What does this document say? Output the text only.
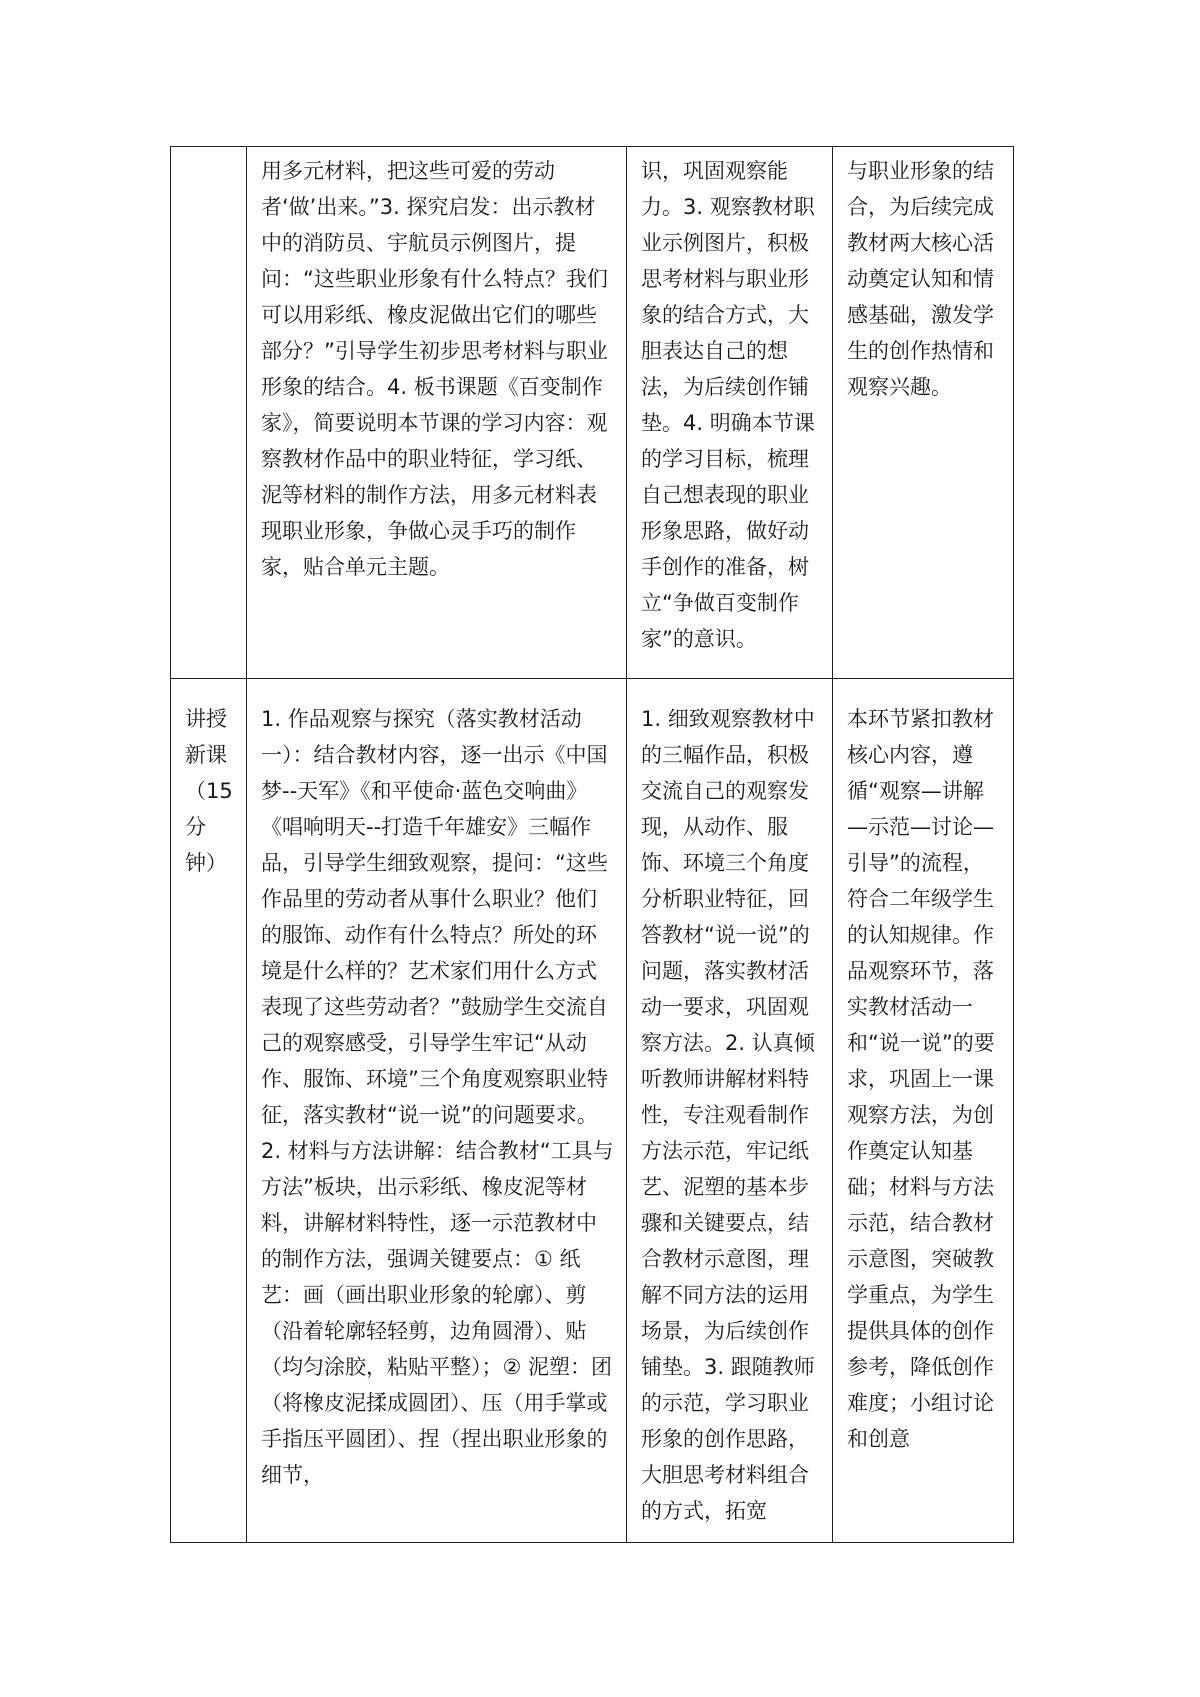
	用多元材料，把这些可爱的劳动者‘做’出来。”3. 探究启发：出示教材中的消防员、宇航员示例图片，提问：“这些职业形象有什么特点？我们可以用彩纸、橡皮泥做出它们的哪些部分？”引导学生初步思考材料与职业形象的结合。4. 板书课题《百变制作家》，简要说明本节课的学习内容：观察教材作品中的职业特征，学习纸、泥等材料的制作方法，用多元材料表现职业形象，争做心灵手巧的制作家，贴合单元主题。	识，巩固观察能力。3. 观察教材职业示例图片，积极思考材料与职业形象的结合方式，大胆表达自己的想法，为后续创作铺垫。4. 明确本节课的学习目标，梳理自己想表现的职业形象思路，做好动手创作的准备，树立“争做百变制作家”的意识。	与职业形象的结合，为后续完成教材两大核心活动奠定认知和情感基础，激发学生的创作热情和观察兴趣。

讲授新课（15分钟）	1. 作品观察与探究（落实教材活动一）：结合教材内容，逐一出示《中国梦--天军》《和平使命·蓝色交响曲》《唱响明天--打造千年雄安》三幅作品，引导学生细致观察，提问：“这些作品里的劳动者从事什么职业？他们的服饰、动作有什么特点？所处的环境是什么样的？艺术家们用什么方式表现了这些劳动者？”鼓励学生交流自己的观察感受，引导学生牢记“从动作、服饰、环境”三个角度观察职业特征，落实教材“说一说”的问题要求。2. 材料与方法讲解：结合教材“工具与方法”板块，出示彩纸、橡皮泥等材料，讲解材料特性，逐一示范教材中的制作方法，强调关键要点：① 纸艺：画（画出职业形象的轮廓）、剪（沿着轮廓轻轻剪，边角圆滑）、贴（均匀涂胶，粘贴平整）；② 泥塑：团（将橡皮泥揉成圆团）、压（用手掌或手指压平圆团）、捏（捏出职业形象的细节，	1. 细致观察教材中的三幅作品，积极交流自己的观察发现，从动作、服饰、环境三个角度分析职业特征，回答教材“说一说”的问题，落实教材活动一要求，巩固观察方法。2. 认真倾听教师讲解材料特性，专注观看制作方法示范，牢记纸艺、泥塑的基本步骤和关键要点，结合教材示意图，理解不同方法的运用场景，为后续创作铺垫。3. 跟随教师的示范，学习职业形象的创作思路，大胆思考材料组合的方式，拓宽	本环节紧扣教材核心内容，遵循“观察—讲解—示范—讨论—引导”的流程，符合二年级学生的认知规律。作品观察环节，落实教材活动一和“说一说”的要求，巩固上一课观察方法，为创作奠定认知基础；材料与方法示范，结合教材示意图，突破教学重点，为学生提供具体的创作参考，降低创作难度；小组讨论和创意
